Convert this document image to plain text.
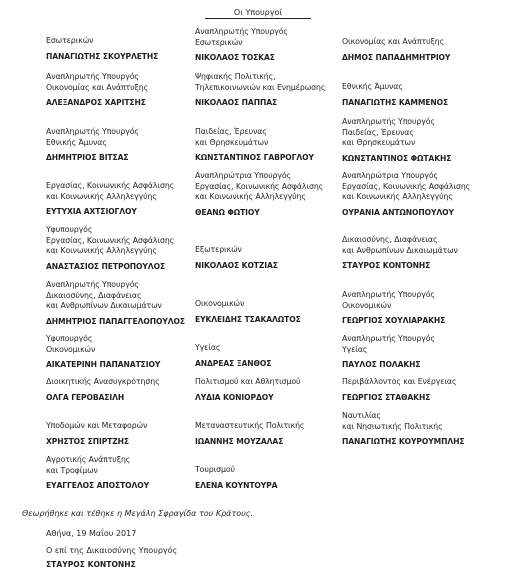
Οι Υπουργοί
Εσωτερικών
ΠΑΝΑΓΙΩΤΗΣ ΣΚΟΥΡΛΕΤΗΣ
Αναπληρωτής Υπουργός
Εσωτερικών
ΝΙΚΟΛΑΟΣ ΤΟΣΚΑΣ
Οικονομίας και Ανάπτυξης
ΔΗΜΟΣ ΠΑΠΑΔΗΜΗΤΡΙΟΥ
Αναπληρωτής Υπουργός
Οικονομίας και Ανάπτυξης
ΑΛΕΞΑΝΔΡΟΣ ΧΑΡΙΤΣΗΣ
Ψηφιακής Πολιτικής,
Τηλεπικοινωνιών και Ενημέρωσης
ΝΙΚΟΛΑΟΣ ΠΑΠΠΑΣ
Εθνικής Άμυνας
ΠΑΝΑΓΙΩΤΗΣ ΚΑΜΜΕΝΟΣ
Αναπληρωτής Υπουργός
Εθνικής Άμυνας
ΔΗΜΗΤΡΙΟΣ ΒΙΤΣΑΣ
Παιδείας, Έρευνας
και Θρησκευμάτων
ΚΩΝΣΤΑΝΤΙΝΟΣ ΓΑΒΡΟΓΛΟΥ
Αναπληρωτής Υπουργός
Παιδείας, Έρευνας
και Θρησκευμάτων
ΚΩΝΣΤΑΝΤΙΝΟΣ ΦΩΤΑΚΗΣ
Εργασίας, Κοινωνικής Ασφάλισης
και Κοινωνικής Αλληλεγγύης
ΕΥΤΥΧΙΑ ΑΧΤΣΙΟΓΛΟΥ
Αναπληρώτρια Υπουργός
Εργασίας, Κοινωνικής Ασφάλισης
και Κοινωνικής Αλληλεγγύης
ΘΕΑΝΩ ΦΩΤΙΟΥ
Αναπληρώτρια Υπουργός
Εργασίας, Κοινωνικής Ασφάλισης
και Κοινωνικής Αλληλεγγύης
ΟΥΡΑΝΙΑ ΑΝΤΩΝΟΠΟΥΛΟΥ
Υφυπουργός
Εργασίας, Κοινωνικής Ασφάλισης
και Κοινωνικής Αλληλεγγύης
ΑΝΑΣΤΑΣΙΟΣ ΠΕΤΡΟΠΟΥΛΟΣ
Εξωτερικών
ΝΙΚΟΛΑΟΣ ΚΟΤΖΙΑΣ
Δικαιοσύνης, Διαφάνειας
και Ανθρωπίνων Δικαιωμάτων
ΣΤΑΥΡΟΣ ΚΟΝΤΟΝΗΣ
Αναπληρωτής Υπουργός
Δικαιοσύνης, Διαφάνειας
και Ανθρωπίνων Δικαιωμάτων
ΔΗΜΗΤΡΙΟΣ ΠΑΠΑΓΓΕΛΟΠΟΥΛΟΣ
Οικονομικών
ΕΥΚΛΕΙΔΗΣ ΤΣΑΚΑΛΩΤΟΣ
Αναπληρωτής Υπουργός
Οικονομικών
ΓΕΩΡΓΙΟΣ ΧΟΥΛΙΑΡΑΚΗΣ
Υφυπουργός
Οικονομικών
ΑΙΚΑΤΕΡΙΝΗ ΠΑΠΑΝΑΤΣΙΟΥ
Υγείας
ΑΝΔΡΕΑΣ ΞΑΝΘΟΣ
Αναπληρωτής Υπουργός
Υγείας
ΠΑΥΛΟΣ ΠΟΛΑΚΗΣ
Διοικητικής Ανασυγκρότησης
ΟΛΓΑ ΓΕΡΟΒΑΣΙΛΗ
Πολιτισμού και Αθλητισμού
ΛΥΔΙΑ ΚΟΝΙΟΡΔΟΥ
Περιβάλλοντος και Ενέργειας
ΓΕΩΡΓΙΟΣ ΣΤΑΘΑΚΗΣ
Υποδομών και Μεταφορών
ΧΡΗΣΤΟΣ ΣΠΙΡΤΖΗΣ
Μεταναστευτικής Πολιτικής
ΙΩΑΝΝΗΣ ΜΟΥΖΑΛΑΣ
Ναυτιλίας
και Νησιωτικής Πολιτικής
ΠΑΝΑΓΙΩΤΗΣ ΚΟΥΡΟΥΜΠΛΗΣ
Αγροτικής Ανάπτυξης
και Τροφίμων
ΕΥΑΓΓΕΛΟΣ ΑΠΟΣΤΟΛΟΥ
Τουρισμού
ΕΛΕΝΑ ΚΟΥΝΤΟΥΡΑ
Θεωρήθηκε και τέθηκε η Μεγάλη Σφραγίδα του Κράτους.
Αθήνα, 19 Μαΐου 2017
Ο επί της Δικαιοσύνης Υπουργός
ΣΤΑΥΡΟΣ ΚΟΝΤΟΝΗΣ
